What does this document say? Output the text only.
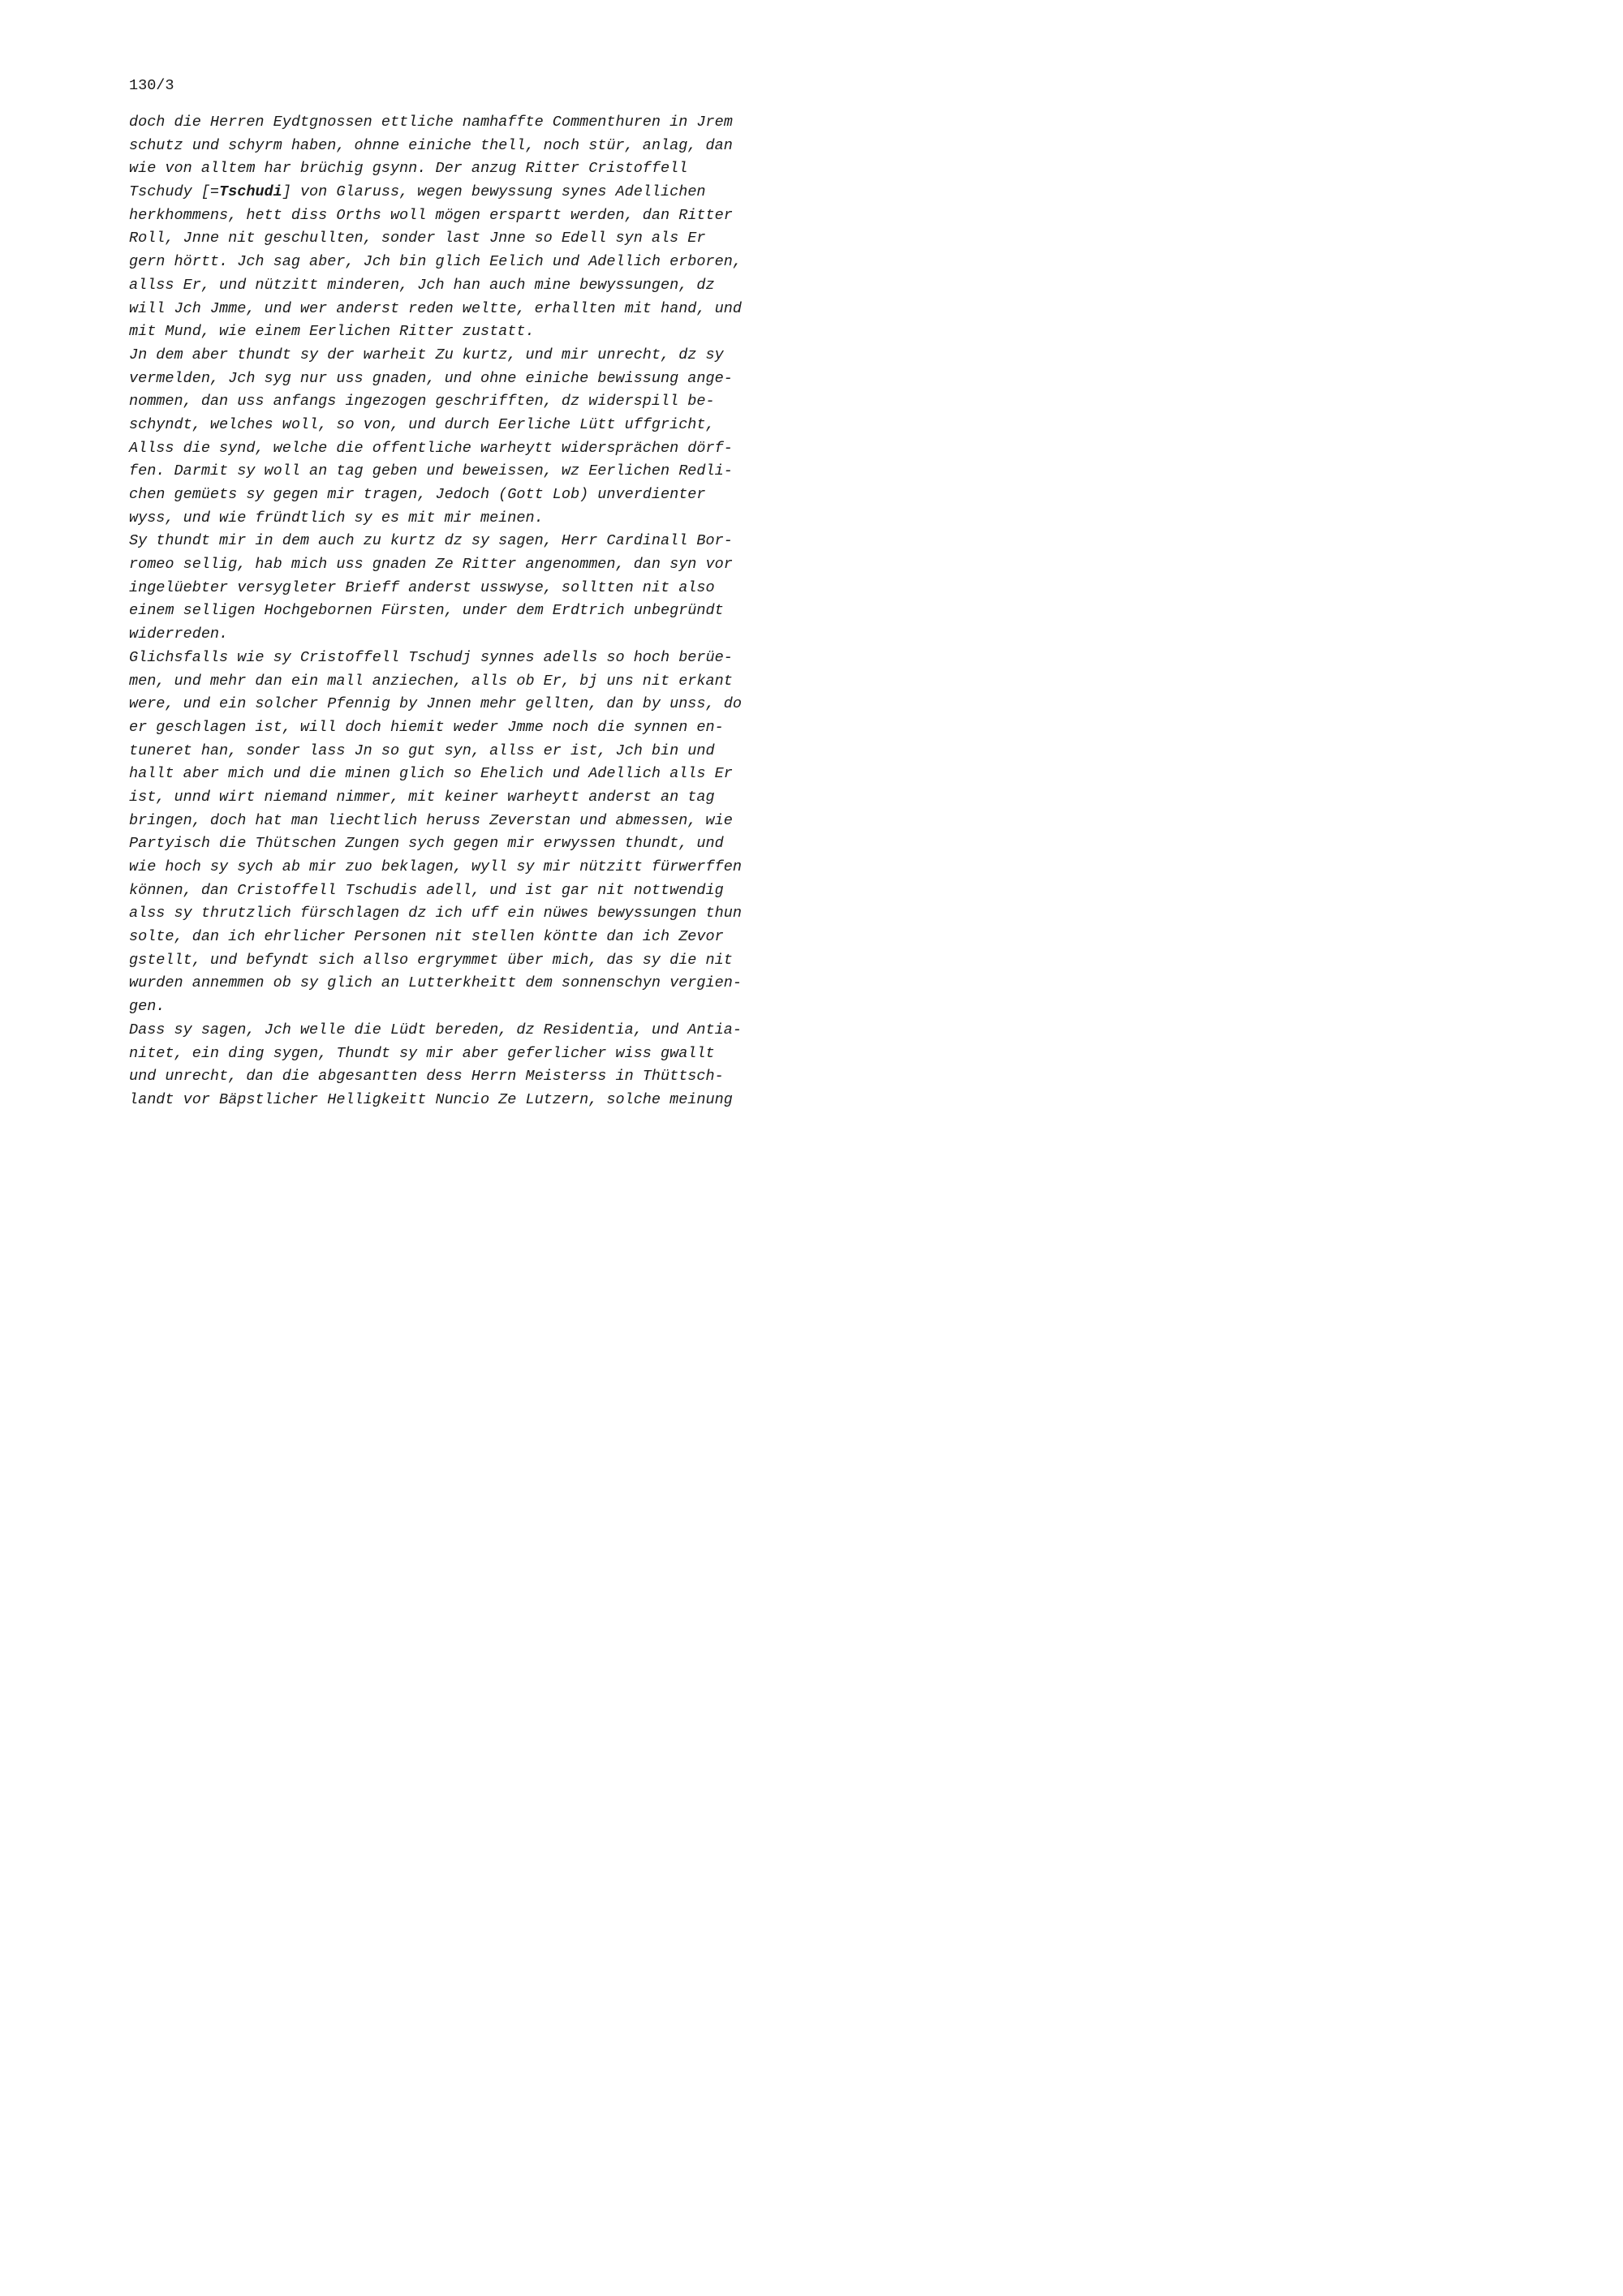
130/3
doch die Herren Eydtgnossen ettliche namhaffte Commenthuren in Jrem
schutz und schyrm haben, ohnne einiche thell, noch stür, anlag, dan
wie von alltem har brüchig gsynn. Der anzug Ritter Cristoffell
Tschudy [=Tschudi] von Glaruss, wegen bewyssung synes Adellichen
herkhommens, hett diss Orths woll mögen erspartt werden, dan Ritter
Roll, Jnne nit geschullten, sonder last Jnne so Edell syn als Er
gern hörtt. Jch sag aber, Jch bin glich Eelich und Adellich erboren,
allss Er, und nützitt minderen, Jch han auch mine bewyssungen, dz
will Jch Jmme, und wer anderst reden weltte, erhallten mit hand, und
mit Mund, wie einem Eerlichen Ritter zustatt.
Jn dem aber thundt sy der warheit Zu kurtz, und mir unrecht, dz sy
vermelden, Jch syg nur uss gnaden, und ohne einiche bewissung ange-
nommen, dan uss anfangs ingezogen geschrifften, dz widerspill be-
schyndt, welches woll, so von, und durch Eerliche Lütt uffgricht,
Allss die synd, welche die offentliche warheytt widersprächen dörf-
fen. Darmit sy woll an tag geben und beweissen, wz Eerlichen Redli-
chen gemüets sy gegen mir tragen, Jedoch (Gott Lob) unverdienter
wyss, und wie fründtlich sy es mit mir meinen.
Sy thundt mir in dem auch zu kurtz dz sy sagen, Herr Cardinall Bor-
romeo sellig, hab mich uss gnaden Ze Ritter angenommen, dan syn vor
ingelüebter versygleter Brieff anderst usswyse, solltten nit also
einem selligen Hochgebornen Fürsten, under dem Erdtrich unbegründt
widerreden.
Glichsfalls wie sy Cristoffell Tschudj synnes adells so hoch berüe-
men, und mehr dan ein mall anziechen, alls ob Er, bj uns nit erkant
were, und ein solcher Pfennig by Jnnen mehr gellten, dan by unss, do
er geschlagen ist, will doch hiemit weder Jmme noch die synnen en-
tuneret han, sonder lass Jn so gut syn, allss er ist, Jch bin und
hallt aber mich und die minen glich so Ehelich und Adellich alls Er
ist, unnd wirt niemand nimmer, mit keiner warheytt anderst an tag
bringen, doch hat man liechtlich heruss Zeverstan und abmessen, wie
Partyisch die Thütschen Zungen sych gegen mir erwyssen thundt, und
wie hoch sy sych ab mir zuo beklagen, wyll sy mir nützitt fürwerffen
können, dan Cristoffell Tschudis adell, und ist gar nit nottwendig
alss sy thrutzlich fürschlagen dz ich uff ein nüwes bewyssungen thun
solte, dan ich ehrlicher Personen nit stellen köntte dan ich Zevor
gstellt, und befyndt sich allso ergrymmet über mich, das sy die nit
wurden annemmen ob sy glich an Lutterkheitt dem sonnenschyn vergien-
gen.
Dass sy sagen, Jch welle die Lüdt bereden, dz Residentia, und Antia-
nitet, ein ding sygen, Thundt sy mir aber geferlicher wiss gwallt
und unrecht, dan die abgesantten dess Herrn Meisterss in Thüttsch-
landt vor Bäpstlicher Helligkeitt Nuncio Ze Lutzern, solche meinung
